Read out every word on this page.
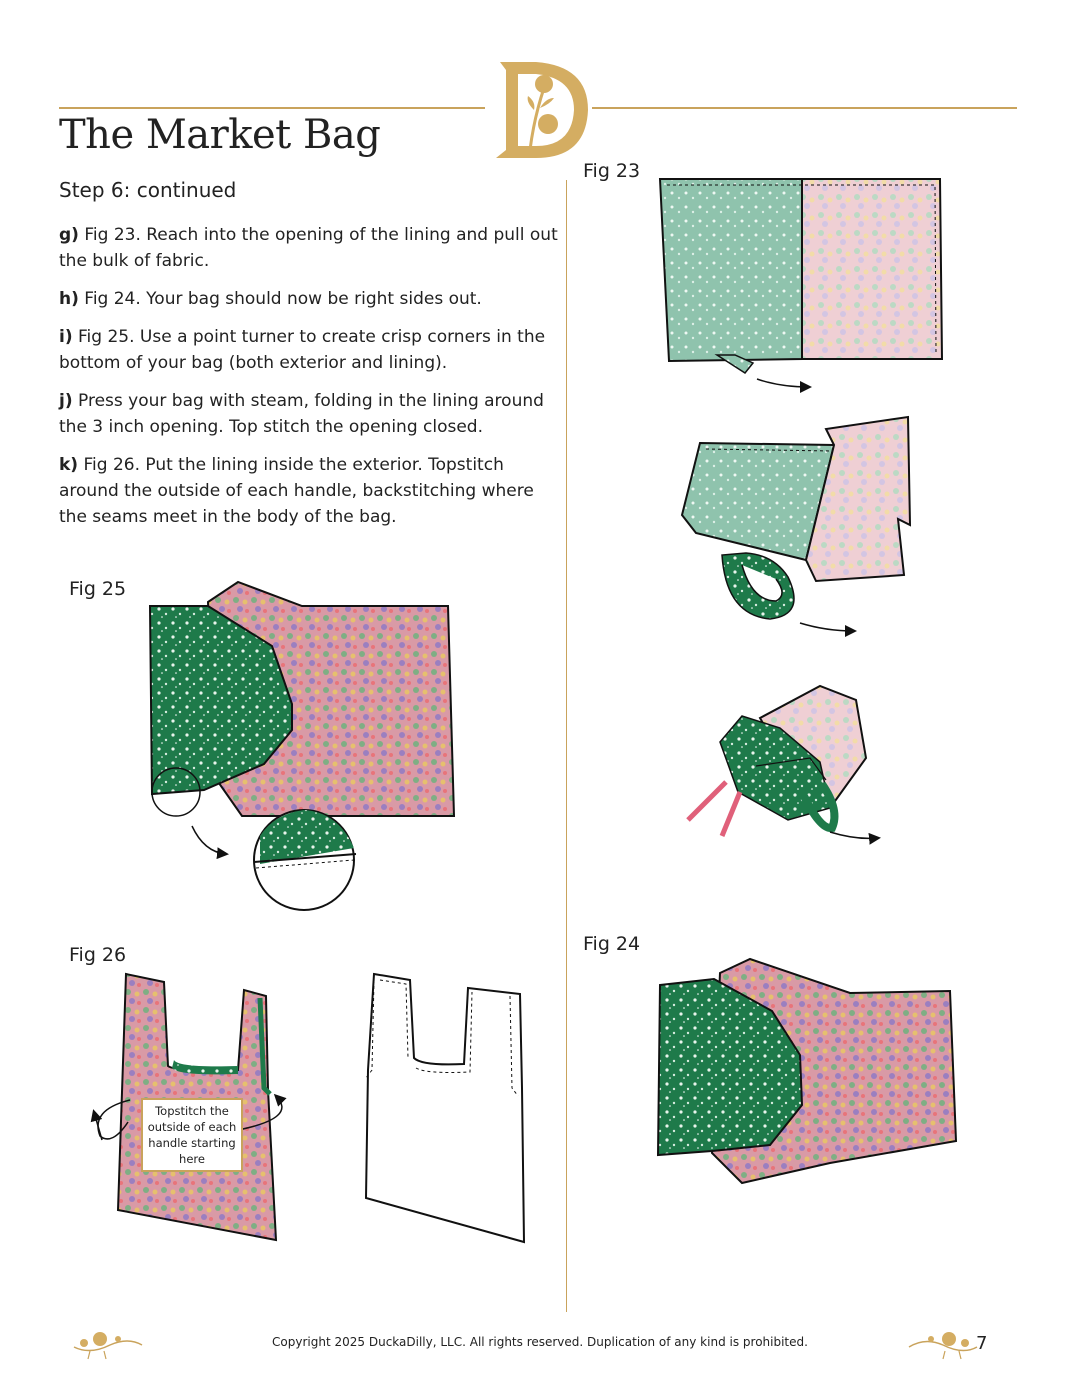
The Market Bag
Step 6: continued

g) Fig 23. Reach into the opening of the lining and pull out the bulk of fabric.

h) Fig 24. Your bag should now be right sides out.

i) Fig 25. Use a point turner to create crisp corners in the bottom of your bag (both exterior and lining).

j) Press your bag with steam, folding in the lining around the 3 inch opening. Top stitch the opening closed.

k) Fig 26. Put the lining inside the exterior. Topstitch around the outside of each handle, backstitching where the seams meet in the body of the bag.

Fig 23
Fig 24
Fig 25
Fig 26
Topstitch the outside of each handle starting here
Copyright 2025 DuckaDilly, LLC. All rights reserved. Duplication of any kind is prohibited.	7
